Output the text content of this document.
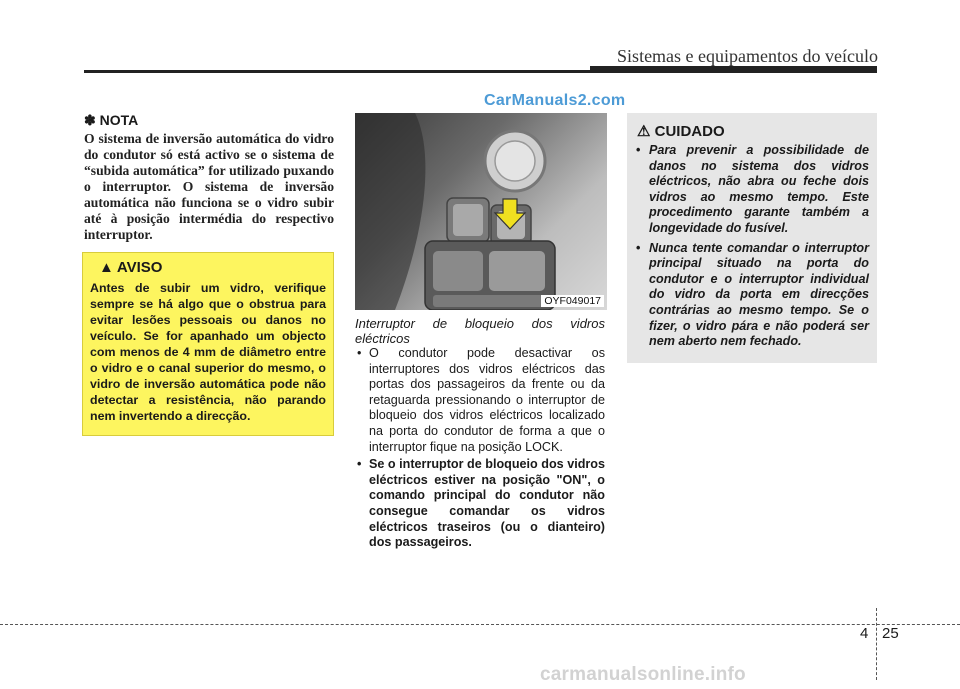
Sistemas e equipamentos do veículo
CarManuals2.com
✽ NOTA
O sistema de inversão automática do vidro do condutor só está activo se o sistema de “subida automática” for utilizado puxando o interruptor. O sistema de inversão automática não funciona se o vidro subir até à posição intermédia do respectivo interruptor.
▲ AVISO
Antes de subir um vidro, verifique sempre se há algo que o obstrua para evitar lesões pessoais ou danos no veículo. Se for apanhado um objecto com menos de 4 mm de diâmetro entre o vidro e o canal superior do mesmo, o vidro de inversão automática pode não detectar a resistência, não parando nem invertendo a direcção.
OYF049017
Interruptor de bloqueio dos vidros eléctricos
• O condutor pode desactivar os interruptores dos vidros eléctricos das portas dos passageiros da frente ou da retaguarda pressionando o interruptor de bloqueio dos vidros eléctricos localizado na porta do condutor de forma a que o interruptor fique na posição LOCK.
• Se o interruptor de bloqueio dos vidros eléctricos estiver na posição "ON", o comando principal do condutor não consegue comandar os vidros eléctricos traseiros (ou o dianteiro) dos passageiros.
⚠ CUIDADO
• Para prevenir a possibilidade de danos no sistema dos vidros eléctricos, não abra ou feche dois vidros ao mesmo tempo. Este procedimento garante também a longevidade do fusível.
• Nunca tente comandar o interruptor principal situado na porta do condutor e o interruptor individual do vidro da porta em direcções contrárias ao mesmo tempo. Se o fizer, o vidro pára e não poderá ser nem aberto nem fechado.
4 25
carmanualsonline.info
